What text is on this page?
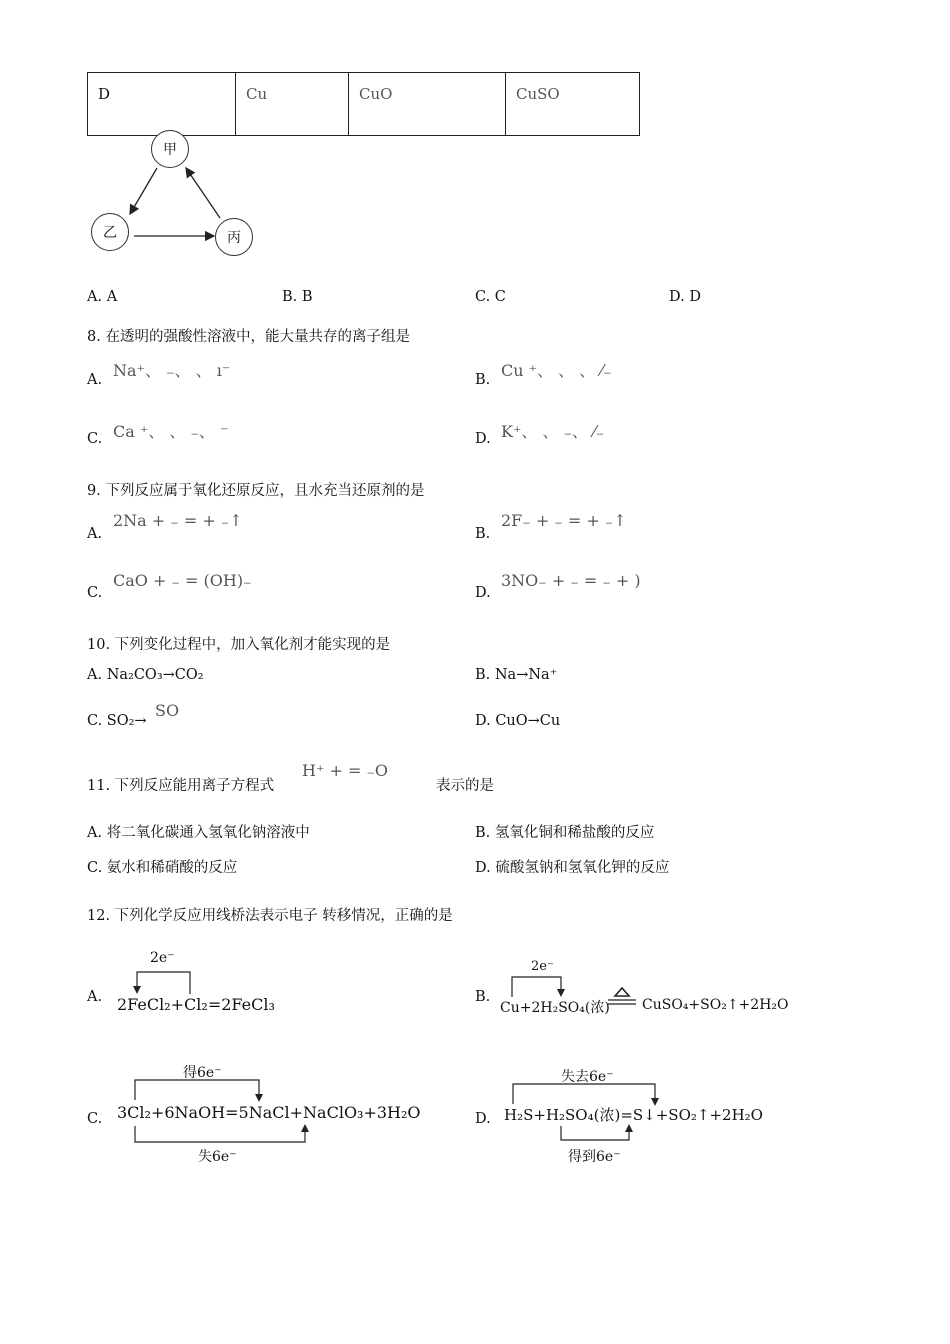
D	Cu	CuO	CuSO
甲
乙	丙
A. A	B. B	C. C	D. D
8. 在透明的强酸性溶液中，能大量共存的离子组是
A. Na⁺、 ₋、 、 ı⁻	B. Cu ⁺、 、 、 ⁄₋
C. Ca ⁺、 、 ₋、 ⁻	D. K⁺、 、 ₋、 ⁄₋
9. 下列反应属于氧化还原反应，且水充当还原剂的是
A.
2Na + ₋ = + ₋↑
B.
2F₋ + ₋ = + ₋↑
C.
CaO + ₋ = (OH)₋
D.
3NO₋ + ₋ = ₋ + )
10. 下列变化过程中，加入氧化剂才能实现的是
A. Na₂CO₃→CO₂	B. Na→Na⁺
C. SO₂→
SO
D. CuO→Cu
11. 下列反应能用离子方程式
H⁺ + = ₋O
表示的是
A. 将二氧化碳通入氢氧化钠溶液中	B. 氢氧化铜和稀盐酸的反应
C. 氨水和稀硝酸的反应	D. 硫酸氢钠和氢氧化钾的反应
12. 下列化学反应用线桥法表示电子 转移情况，正确的是
A.
2e⁻
2FeCl₂+Cl₂=2FeCl₃	B.
2e⁻
Cu+2H₂SO₄(浓) CuSO₄+SO₂↑+2H₂O
C.
得6e⁻
3Cl₂+6NaOH=5NaCl+NaClO₃+3H₂O
失6e⁻
D.
失去6e⁻
H₂S+H₂SO₄(浓)=S↓+SO₂↑+2H₂O
得到6e⁻
